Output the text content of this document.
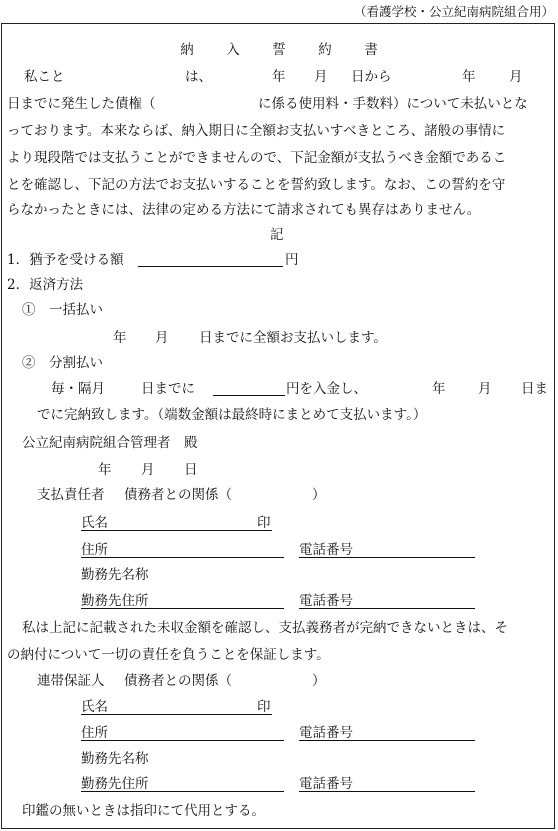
（看護学校・公立紀南病院組合用）
納 入 誓 約 書
私こと	は、	年 月 日から	年 月
日までに発生した債権（	に係る使用料・手数料）について未払いとな
っております。本来ならば、納入期日に全額お支払いすべきところ、諸般の事情に
より現段階では支払うことができませんので、下記金額が支払うべき金額であるこ
とを確認し、下記の方法でお支払いすることを誓約致します。なお、この誓約を守
らなかったときには、法律の定める方法にて請求されても異存はありません。
記
1．猶予を受ける額	円
2．返済方法
①　一括払い
年 月 日までに全額お支払いします。
②　分割払い
毎・隔月	日までに	円を入金し、	年 月 日ま
でに完納致します。（端数金額は最終時にまとめて支払います。）
公立紀南病院組合管理者　殿
年 月 日
支払責任者 債務者との関係（	）
氏名	印
住所	電話番号
勤務先名称
勤務先住所	電話番号
私は上記に記載された未収金額を確認し、支払義務者が完納できないときは、そ
の納付について一切の責任を負うことを保証します。
連帯保証人 債務者との関係（	）
氏名	印
住所	電話番号
勤務先名称
勤務先住所	電話番号
印鑑の無いときは指印にて代用とする。
